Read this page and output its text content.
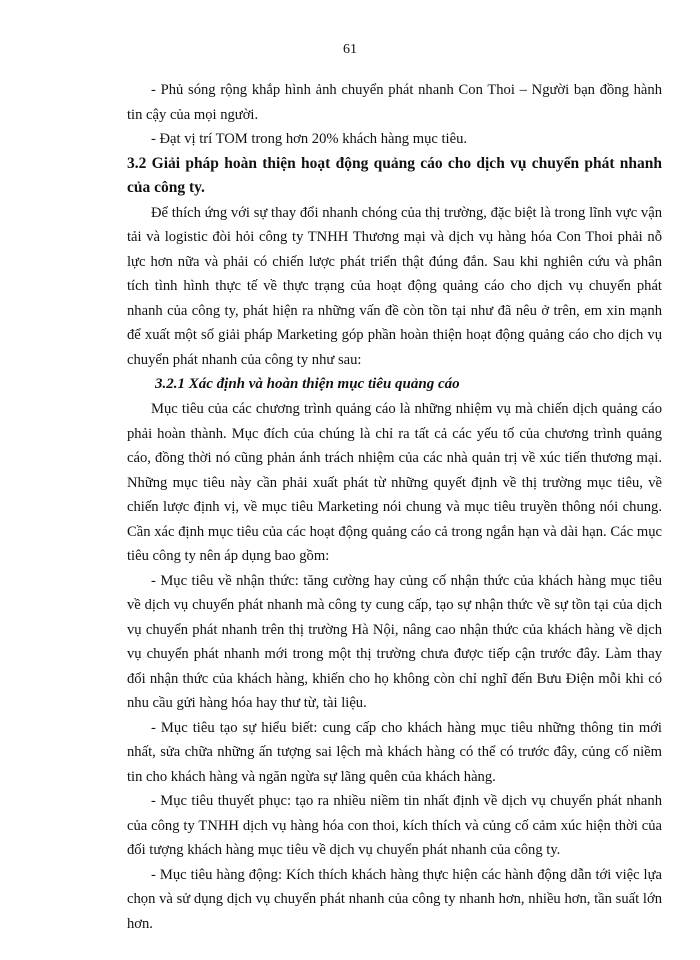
61

- Phủ sóng rộng khắp hình ảnh chuyển phát nhanh Con Thoi – Người bạn đồng hành tin cậy của mọi người.

- Đạt vị trí TOM trong hơn 20% khách hàng mục tiêu.

3.2 Giải pháp hoàn thiện hoạt động quảng cáo cho dịch vụ chuyển phát nhanh của công ty.

Để thích ứng với sự thay đổi nhanh chóng của thị trường, đặc biệt là trong lĩnh vực vận tải và logistic đòi hỏi công ty TNHH Thương mại và dịch vụ hàng hóa Con Thoi phải nỗ lực hơn nữa và phải có chiến lược phát triển thật đúng đắn. Sau khi nghiên cứu và phân tích tình hình thực tế về thực trạng của hoạt động quảng cáo cho dịch vụ chuyển phát nhanh của công ty, phát hiện ra những vấn đề còn tồn tại như đã nêu ở trên, em xin mạnh để xuất một số giải pháp Marketing góp phần hoàn thiện hoạt động quảng cáo cho dịch vụ chuyển phát nhanh của công ty như sau:

3.2.1 Xác định và hoàn thiện mục tiêu quảng cáo

Mục tiêu của các chương trình quảng cáo là những nhiệm vụ mà chiến dịch quảng cáo phải hoàn thành. Mục đích của chúng là chỉ ra tất cả các yếu tố của chương trình quảng cáo, đồng thời nó cũng phản ánh trách nhiệm của các nhà quản trị về xúc tiến thương mại. Những mục tiêu này cần phải xuất phát từ những quyết định về thị trường mục tiêu, về chiến lược định vị, về mục tiêu Marketing nói chung và mục tiêu truyền thông nói chung. Cần xác định mục tiêu của các hoạt động quảng cáo cả trong ngắn hạn và dài hạn. Các mục tiêu công ty nên áp dụng bao gồm:

- Mục tiêu về nhận thức: tăng cường hay củng cố nhận thức của khách hàng mục tiêu về dịch vụ chuyển phát nhanh mà công ty cung cấp, tạo sự nhận thức về sự tồn tại của dịch vụ chuyển phát nhanh trên thị trường Hà Nội, nâng cao nhận thức của khách hàng về dịch vụ chuyển phát nhanh mới trong một thị trường chưa được tiếp cận trước đây. Làm thay đổi nhận thức của khách hàng, khiến cho họ không còn chỉ nghĩ đến Bưu Điện mỗi khi có nhu cầu gửi hàng hóa hay thư từ, tài liệu.

- Mục tiêu tạo sự hiểu biết: cung cấp cho khách hàng mục tiêu những thông tin mới nhất, sửa chữa những ấn tượng sai lệch mà khách hàng có thể có trước đây, củng cố niềm tin cho khách hàng và ngăn ngừa sự lãng quên của khách hàng.

- Mục tiêu thuyết phục: tạo ra nhiều niềm tin nhất định về dịch vụ chuyển phát nhanh của công ty TNHH dịch vụ hàng hóa con thoi, kích thích và củng cố cảm xúc hiện thời của đối tượng khách hàng mục tiêu về dịch vụ chuyển phát nhanh của công ty.

- Mục tiêu hàng động: Kích thích khách hàng thực hiện các hành động dẫn tới việc lựa chọn và sử dụng dịch vụ chuyển phát nhanh của công ty nhanh hơn, nhiều hơn, tần suất lớn hơn.
